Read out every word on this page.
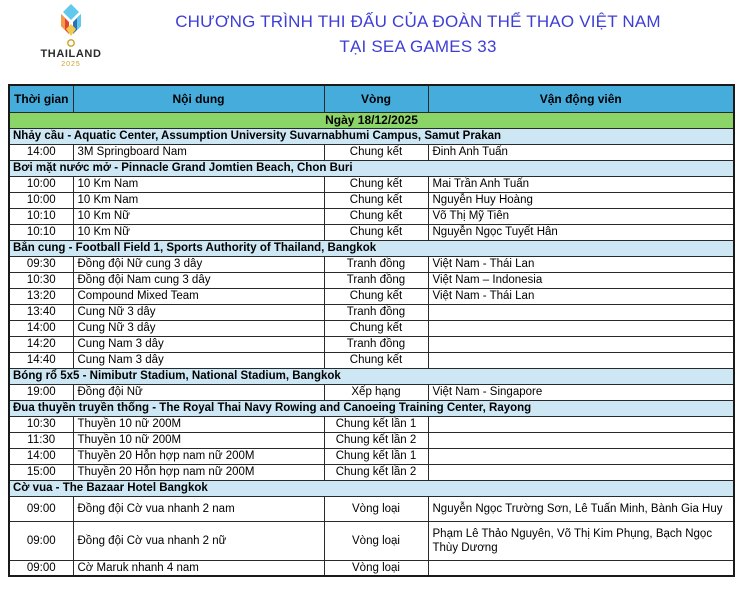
THAILAND
2025
CHƯƠNG TRÌNH THI ĐẤU CỦA ĐOÀN THỂ THAO VIỆT NAM
TẠI SEA GAMES 33
Thời gian	Nội dung	Vòng	Vận động viên
Ngày 18/12/2025			
Nhảy cầu - Aquatic Center, Assumption University Suvarnabhumi Campus, Samut Prakan			
14:00	3M Springboard Nam	Chung kết	Đinh Anh Tuấn
Bơi mặt nước mở - Pinnacle Grand Jomtien Beach, Chon Buri			
10:00	10 Km Nam	Chung kết	Mai Trần Anh Tuấn
10:00	10 Km Nam	Chung kết	Nguyễn Huy Hoàng
10:10	10 Km Nữ	Chung kết	Võ Thị Mỹ Tiên
10:10	10 Km Nữ	Chung kết	Nguyễn Ngọc Tuyết Hân
Bắn cung - Football Field 1, Sports Authority of Thailand, Bangkok			
09:30	Đồng đội Nữ cung 3 dây	Tranh đồng	Việt Nam - Thái Lan
10:30	Đồng đội Nam cung 3 dây	Tranh đồng	Việt Nam – Indonesia
13:20	Compound Mixed Team	Chung kết	Việt Nam - Thái Lan
13:40	Cung Nữ 3 dây	Tranh đồng	
14:00	Cung Nữ 3 dây	Chung kết	
14:20	Cung Nam 3 dây	Tranh đồng	
14:40	Cung Nam 3 dây	Chung kết	
Bóng rổ 5x5 - Nimibutr Stadium, National Stadium, Bangkok			
19:00	Đồng đội Nữ	Xếp hạng	Việt Nam - Singapore
Đua thuyền truyền thống - The Royal Thai Navy Rowing and Canoeing Training Center, Rayong			
10:30	Thuyền 10 nữ 200M	Chung kết lần 1	
11:30	Thuyền 10 nữ 200M	Chung kết lần 2	
14:00	Thuyền 20 Hỗn hợp nam nữ 200M	Chung kết lần 1	
15:00	Thuyền 20 Hỗn hợp nam nữ 200M	Chung kết lần 2	
Cờ vua - The Bazaar Hotel Bangkok			
09:00	Đồng đội Cờ vua nhanh 2 nam	Vòng loại	Nguyễn Ngọc Trường Sơn, Lê Tuấn Minh, Bành Gia Huy
09:00	Đồng đội Cờ vua nhanh 2 nữ	Vòng loại	Phạm Lê Thảo Nguyên, Võ Thị Kim Phụng, Bạch Ngọc Thùy Dương
09:00	Cờ Maruk nhanh 4 nam	Vòng loại	
